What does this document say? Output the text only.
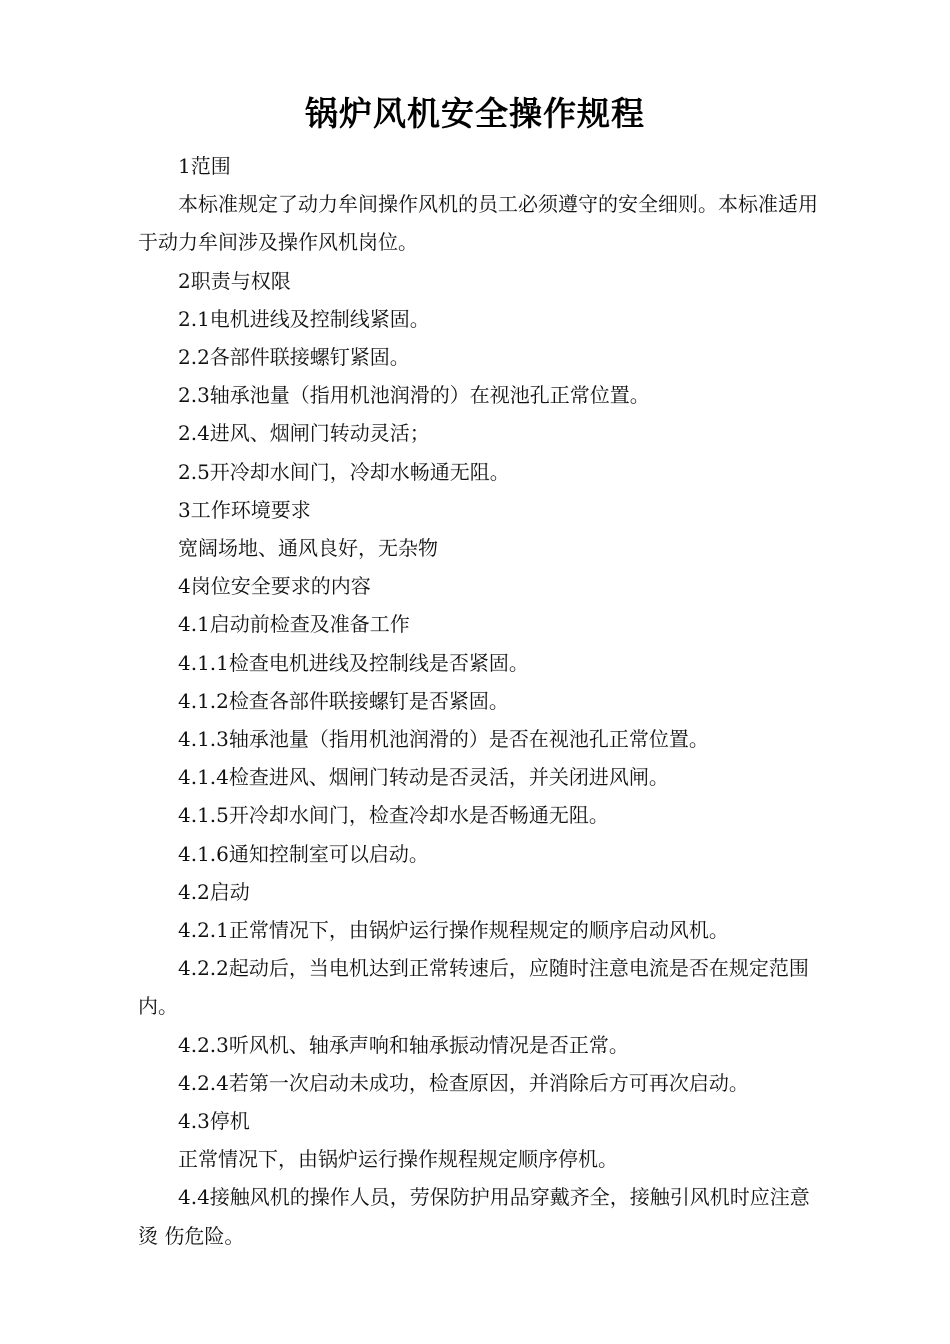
锅炉风机安全操作规程

1范围

本标准规定了动力牟间操作风机的员工必须遵守的安全细则。本标准适用 于动力牟间涉及操作风机岗位。

2职责与权限

2.1电机进线及控制线紧固。

2.2各部件联接螺钉紧固。

2.3轴承池量（指用机池润滑的）在视池孔正常位置。

2.4进风、烟闸门转动灵活；

2.5开冷却水间门，冷却水畅通无阻。

3工作环境要求

宽阔场地、通风良好，无杂物

4岗位安全要求的内容

4.1启动前检查及准备工作

4.1.1检查电机进线及控制线是否紧固。

4.1.2检查各部件联接螺钉是否紧固。

4.1.3轴承池量（指用机池润滑的）是否在视池孔正常位置。

4.1.4检查进风、烟闸门转动是否灵活，并关闭进风闸。

4.1.5开冷却水间门，检查冷却水是否畅通无阻。

4.1.6通知控制室可以启动。

4.2启动

4.2.1正常情况下，由锅炉运行操作规程规定的顺序启动风机。

4.2.2起动后，当电机达到正常转速后，应随时注意电流是否在规定范围内。

4.2.3听风机、轴承声响和轴承振动情况是否正常。

4.2.4若第一次启动未成功，检查原因，并消除后方可再次启动。

4.3停机

正常情况下，由锅炉运行操作规程规定顺序停机。

4.4接触风机的操作人员，劳保防护用品穿戴齐全，接触引风机时应注意烫 伤危险。
